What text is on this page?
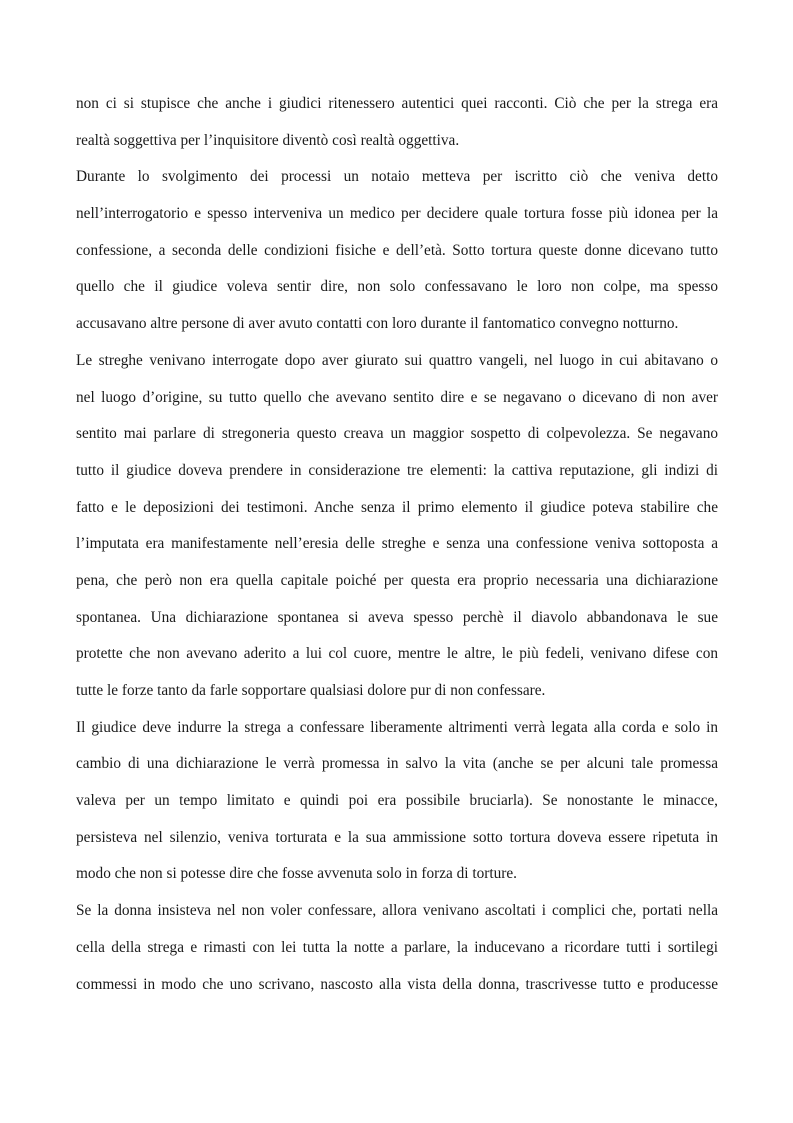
non ci si stupisce che anche i giudici ritenessero autentici quei racconti. Ciò che per la strega era
realtà soggettiva per l’inquisitore diventò così realtà oggettiva.
Durante lo svolgimento dei processi un notaio metteva per iscritto ciò che veniva detto
nell’interrogatorio e spesso interveniva un medico per decidere quale tortura fosse più idonea per la
confessione, a seconda delle condizioni fisiche e dell’età. Sotto tortura queste donne dicevano tutto
quello che il giudice voleva sentir dire, non solo confessavano le loro non colpe, ma spesso
accusavano altre persone di aver avuto contatti con loro durante il fantomatico convegno notturno.
Le streghe venivano interrogate dopo aver giurato sui quattro vangeli, nel luogo in cui abitavano o
nel luogo d’origine, su tutto quello che avevano sentito dire e se negavano o dicevano di non aver
sentito mai parlare di stregoneria questo creava un maggior sospetto di colpevolezza. Se negavano
tutto il giudice doveva prendere in considerazione tre elementi: la cattiva reputazione, gli indizi di
fatto e le deposizioni dei testimoni. Anche senza il primo elemento il giudice poteva stabilire che
l’imputata era manifestamente nell’eresia delle streghe e senza una confessione veniva sottoposta a
pena, che però non era quella capitale poiché per questa era proprio necessaria una dichiarazione
spontanea. Una dichiarazione spontanea si aveva spesso perchè il diavolo abbandonava le sue
protette che non avevano aderito a lui col cuore, mentre le altre, le più fedeli, venivano difese con
tutte le forze tanto da farle sopportare qualsiasi dolore pur di non confessare.
Il giudice deve indurre la strega a confessare liberamente altrimenti verrà legata alla corda e solo in
cambio di una dichiarazione le verrà promessa in salvo la vita (anche se per alcuni tale promessa
valeva per un tempo limitato e quindi poi era possibile bruciarla). Se nonostante le minacce,
persisteva nel silenzio, veniva torturata e la sua ammissione sotto tortura doveva essere ripetuta in
modo che non si potesse dire che fosse avvenuta solo in forza di torture.
Se la donna insisteva nel non voler confessare, allora venivano ascoltati i complici che, portati nella
cella della strega e rimasti con lei tutta la notte a parlare, la inducevano a ricordare tutti i sortilegi
commessi in modo che uno scrivano, nascosto alla vista della donna, trascrivesse tutto e producesse
